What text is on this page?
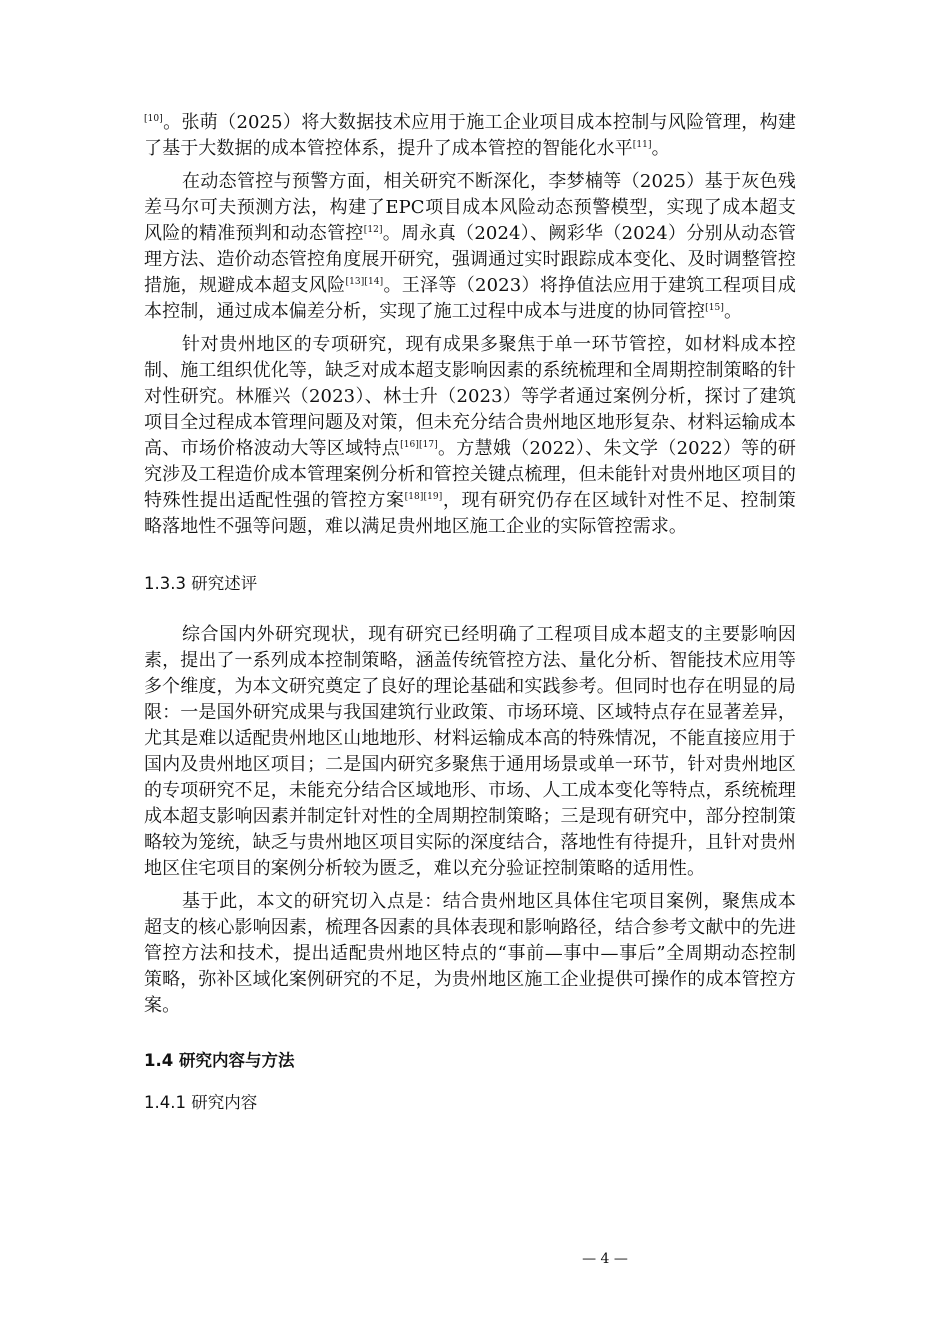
[10]。张萌（2025）将大数据技术应用于施工企业项目成本控制与风险管理，构建了基于大数据的成本管控体系，提升了成本管控的智能化水平[11]。

在动态管控与预警方面，相关研究不断深化，李梦楠等（2025）基于灰色残差马尔可夫预测方法，构建了EPC项目成本风险动态预警模型，实现了成本超支风险的精准预判和动态管控[12]。周永真（2024）、阙彩华（2024）分别从动态管理方法、造价动态管控角度展开研究，强调通过实时跟踪成本变化、及时调整管控措施，规避成本超支风险[13][14]。王泽等（2023）将挣值法应用于建筑工程项目成本控制，通过成本偏差分析，实现了施工过程中成本与进度的协同管控[15]。

针对贵州地区的专项研究，现有成果多聚焦于单一环节管控，如材料成本控制、施工组织优化等，缺乏对成本超支影响因素的系统梳理和全周期控制策略的针对性研究。林雁兴（2023）、林士升（2023）等学者通过案例分析，探讨了建筑项目全过程成本管理问题及对策，但未充分结合贵州地区地形复杂、材料运输成本高、市场价格波动大等区域特点[16][17]。方慧娥（2022）、朱文学（2022）等的研究涉及工程造价成本管理案例分析和管控关键点梳理，但未能针对贵州地区项目的特殊性提出适配性强的管控方案[18][19]，现有研究仍存在区域针对性不足、控制策略落地性不强等问题，难以满足贵州地区施工企业的实际管控需求。

1.3.3 研究述评

综合国内外研究现状，现有研究已经明确了工程项目成本超支的主要影响因素，提出了一系列成本控制策略，涵盖传统管控方法、量化分析、智能技术应用等多个维度，为本文研究奠定了良好的理论基础和实践参考。但同时也存在明显的局限：一是国外研究成果与我国建筑行业政策、市场环境、区域特点存在显著差异，尤其是难以适配贵州地区山地地形、材料运输成本高的特殊情况，不能直接应用于国内及贵州地区项目；二是国内研究多聚焦于通用场景或单一环节，针对贵州地区的专项研究不足，未能充分结合区域地形、市场、人工成本变化等特点，系统梳理成本超支影响因素并制定针对性的全周期控制策略；三是现有研究中，部分控制策略较为笼统，缺乏与贵州地区项目实际的深度结合，落地性有待提升，且针对贵州地区住宅项目的案例分析较为匮乏，难以充分验证控制策略的适用性。

基于此，本文的研究切入点是：结合贵州地区具体住宅项目案例，聚焦成本超支的核心影响因素，梳理各因素的具体表现和影响路径，结合参考文献中的先进管控方法和技术，提出适配贵州地区特点的“事前—事中—事后”全周期动态控制策略，弥补区域化案例研究的不足，为贵州地区施工企业提供可操作的成本管控方案。

1.4 研究内容与方法
1.4.1 研究内容
— 4 —
